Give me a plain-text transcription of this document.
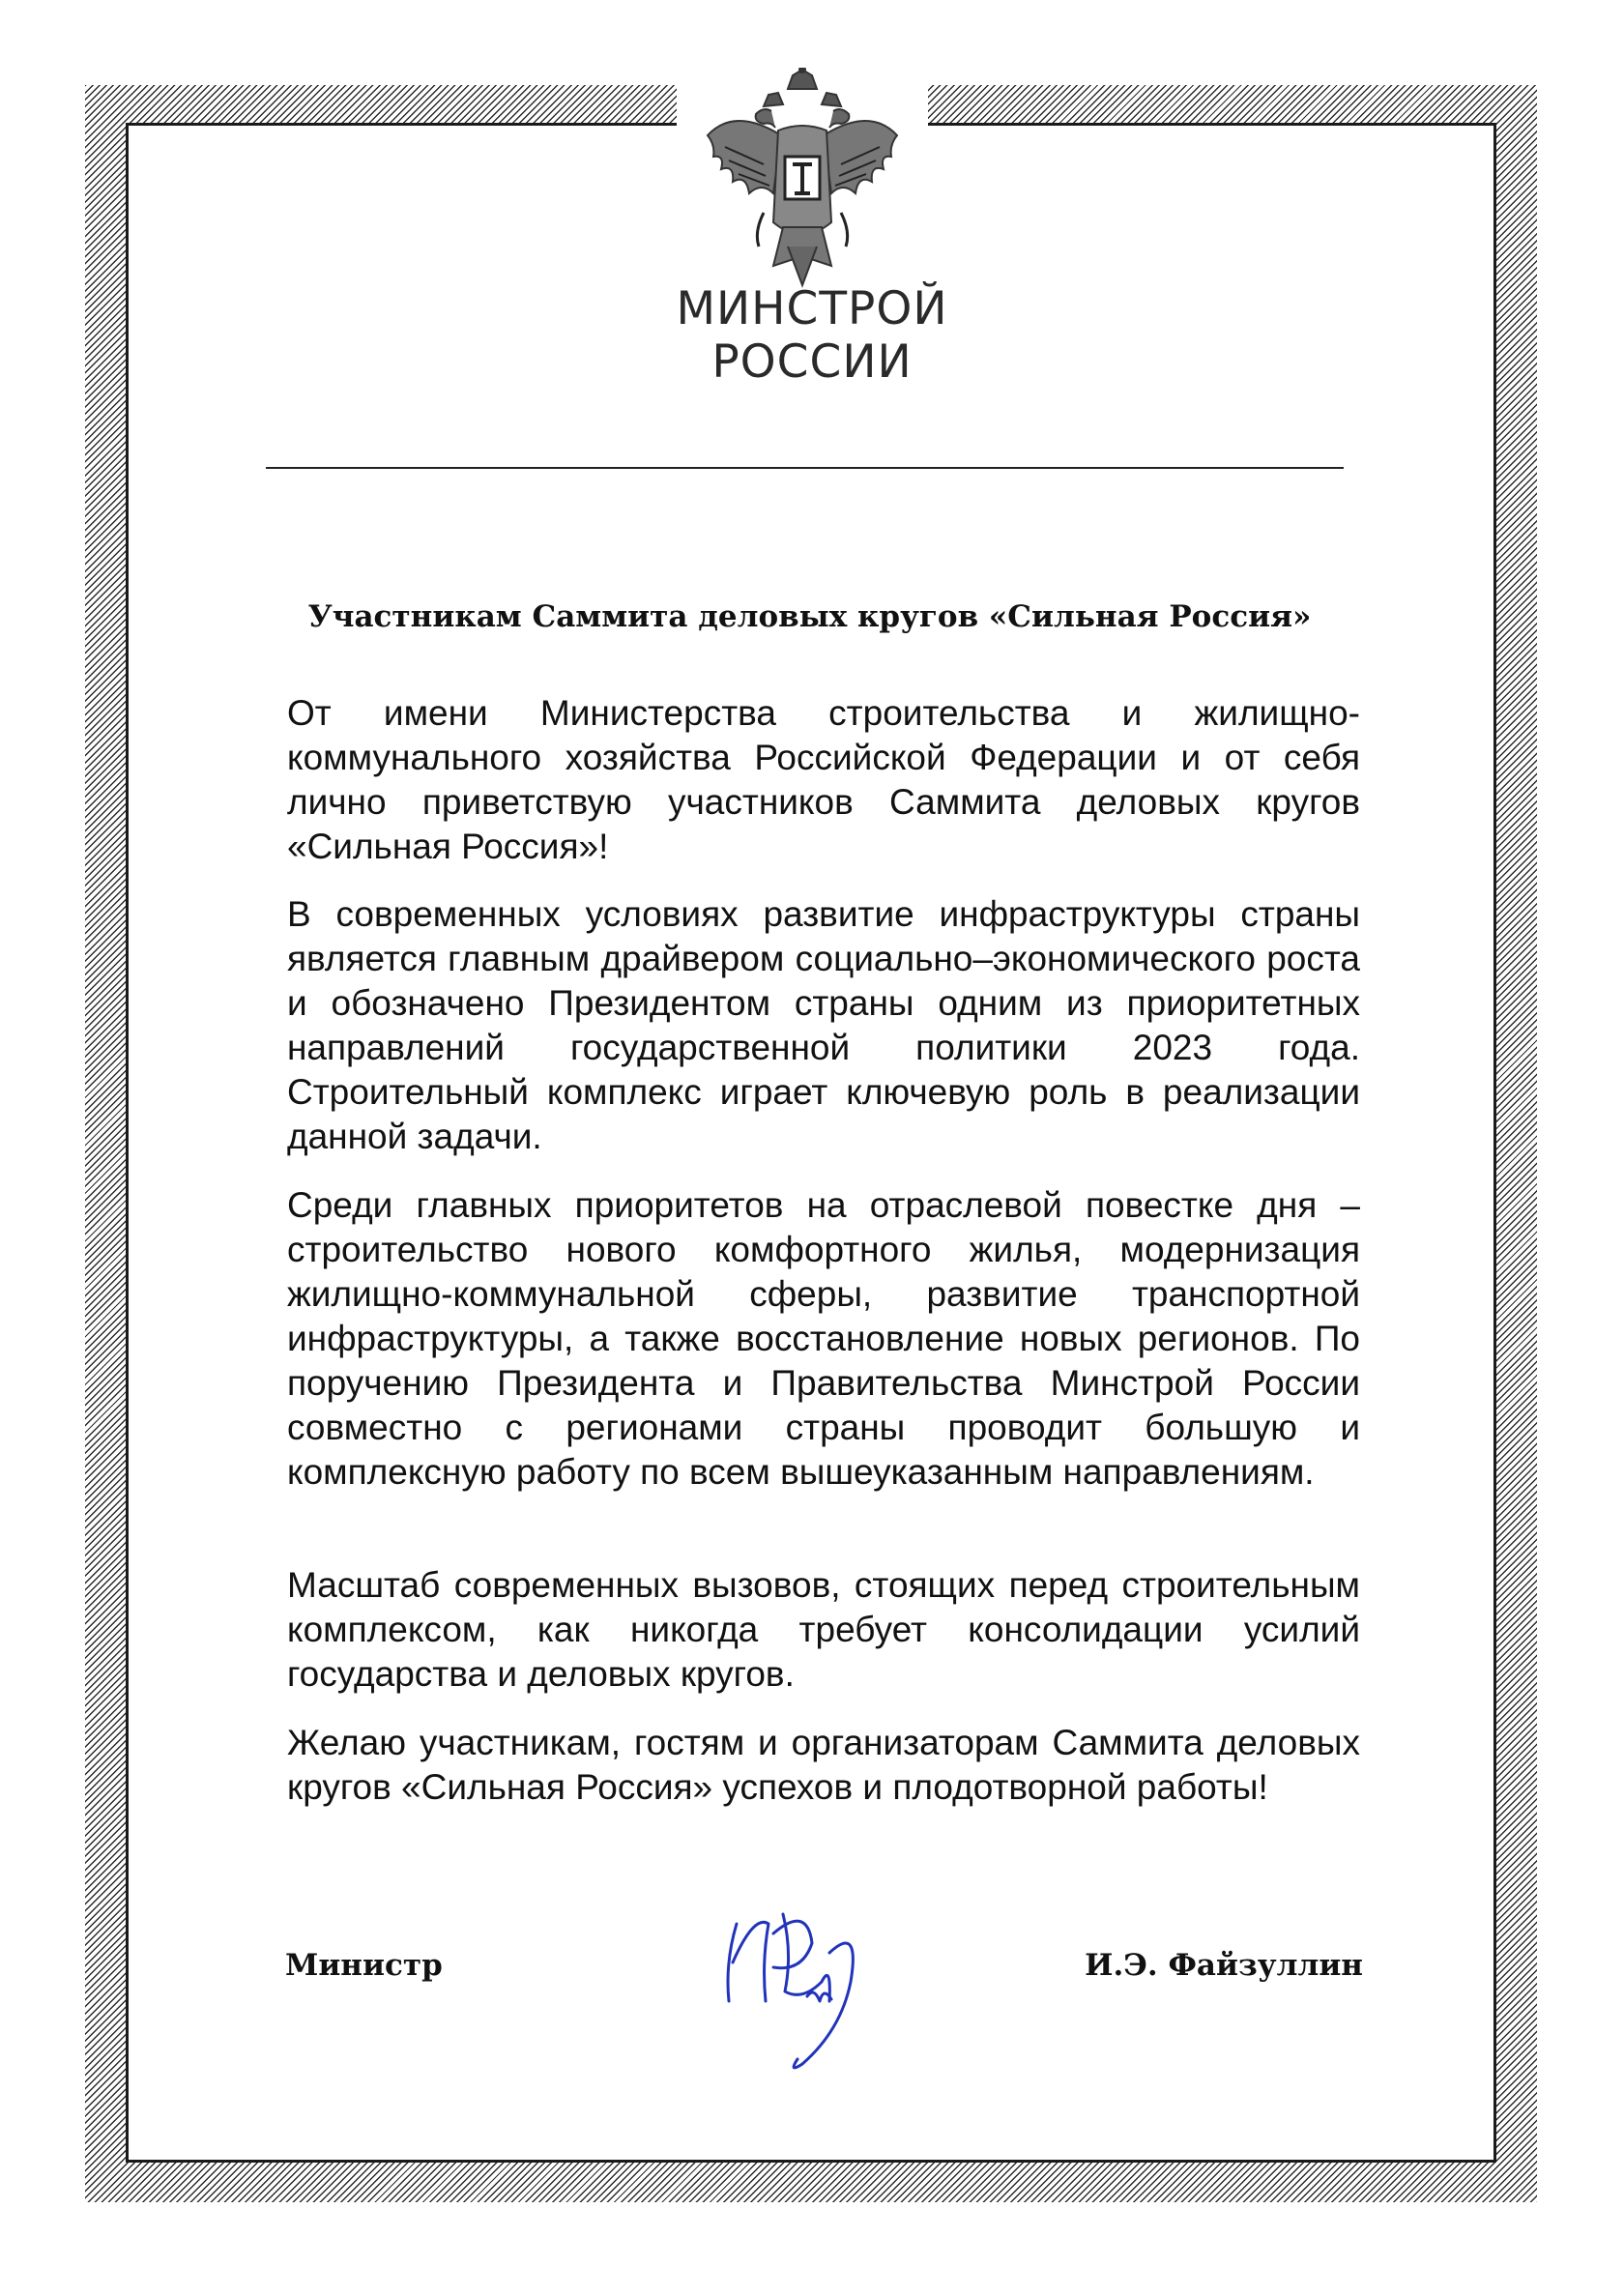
МИНСТРОЙ
РОССИИ
Участникам Саммита деловых кругов «Сильная Россия»

От имени Министерства строительства и жилищно-коммунального хозяйства Российской Федерации и от себя лично приветствую участников Саммита деловых кругов «Сильная Россия»!

В современных условиях развитие инфраструктуры страны является главным драйвером социально–экономического роста и обозначено Президентом страны одним из приоритетных направлений государственной политики 2023 года. Строительный комплекс играет ключевую роль в реализации данной задачи.

Среди главных приоритетов на отраслевой повестке дня – строительство нового комфортного жилья, модернизация жилищно-коммунальной сферы, развитие транспортной инфраструктуры, а также восстановление новых регионов. По поручению Президента и Правительства Минстрой России совместно с регионами страны проводит большую и комплексную работу по всем вышеуказанным направлениям.

Масштаб современных вызовов, стоящих перед строительным комплексом, как никогда требует консолидации усилий государства и деловых кругов.

Желаю участникам, гостям и организаторам Саммита деловых кругов «Сильная Россия» успехов и плодотворной работы!

Министр	И.Э. Файзуллин
